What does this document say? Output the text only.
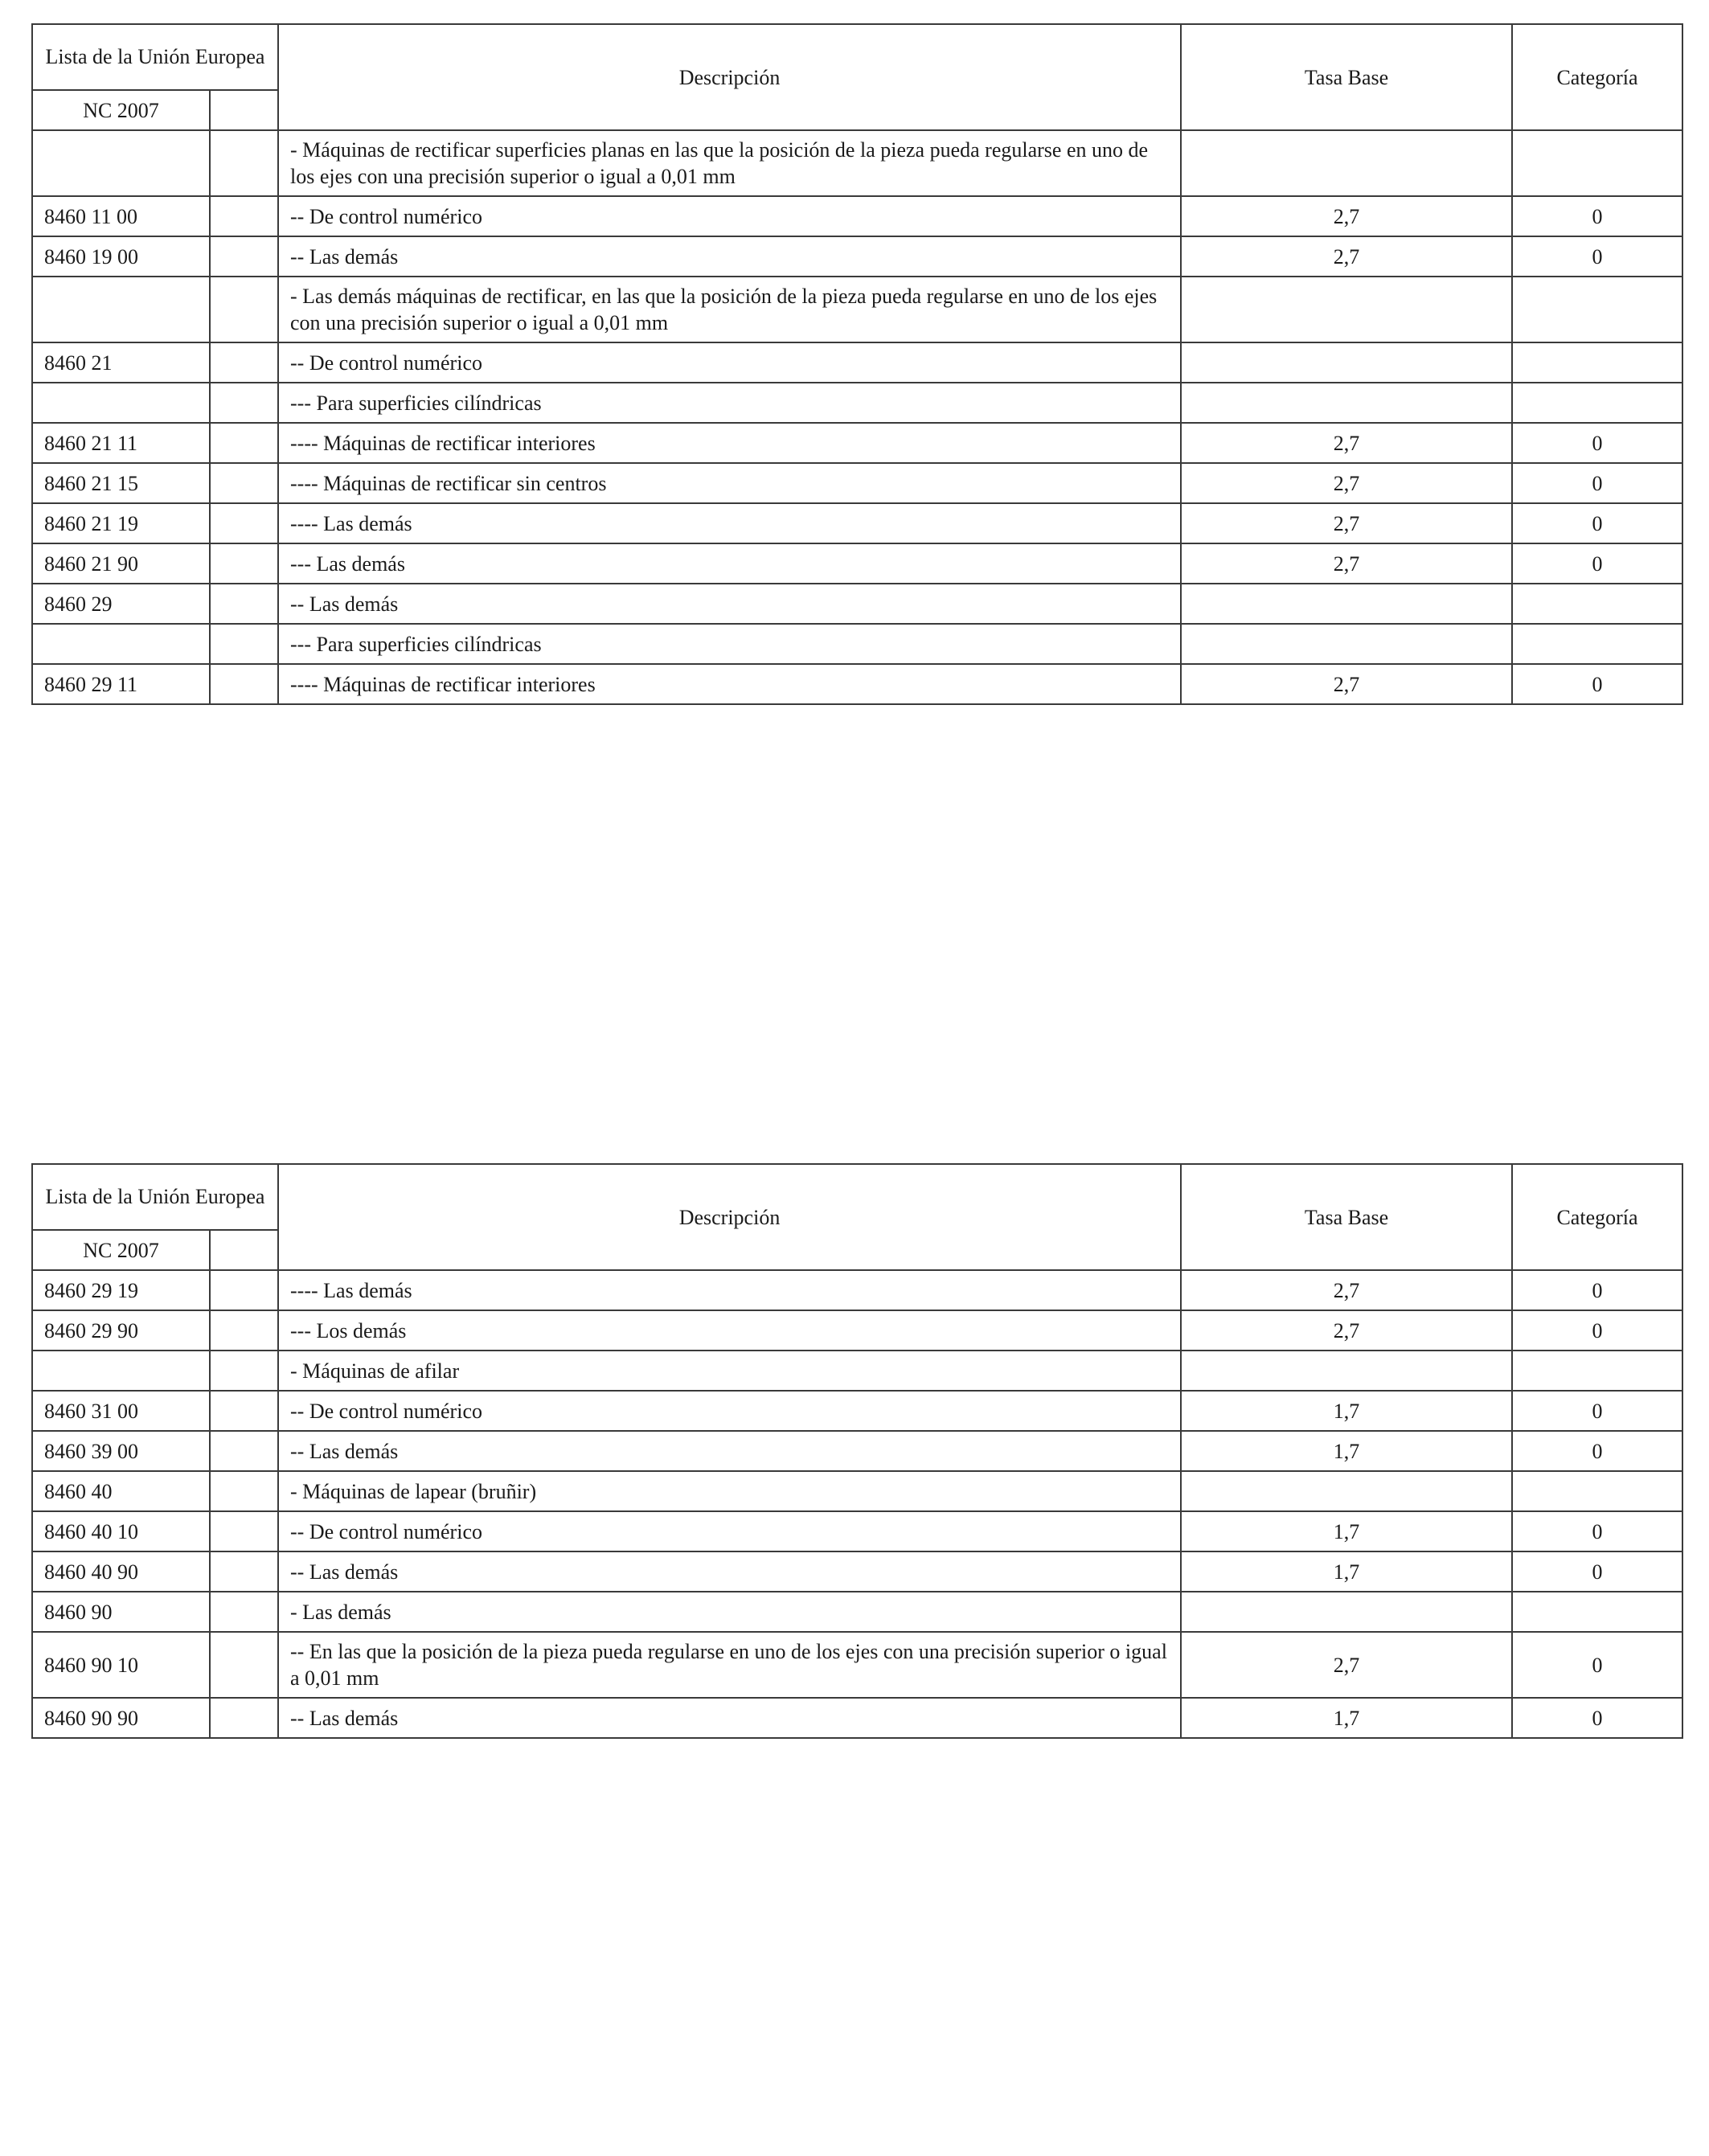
Lista de la Unión Europea		Descripción	Tasa Base	Categoría
NC 2007				
		- Máquinas de rectificar superficies planas en las que la posición de la pieza pueda regularse en uno de los ejes con una precisión superior o igual a 0,01 mm		
8460 11 00		-- De control numérico	2,7	0
8460 19 00		-- Las demás	2,7	0
		- Las demás máquinas de rectificar, en las que la posición de la pieza pueda regularse en uno de los ejes con una precisión superior o igual a 0,01 mm		
8460 21		-- De control numérico		
		--- Para superficies cilíndricas		
8460 21 11		---- Máquinas de rectificar interiores	2,7	0
8460 21 15		---- Máquinas de rectificar sin centros	2,7	0
8460 21 19		---- Las demás	2,7	0
8460 21 90		--- Las demás	2,7	0
8460 29		-- Las demás		
		--- Para superficies cilíndricas		
8460 29 11		---- Máquinas de rectificar interiores	2,7	0
Lista de la Unión Europea		Descripción	Tasa Base	Categoría
NC 2007				
8460 29 19		---- Las demás	2,7	0
8460 29 90		--- Los demás	2,7	0
		- Máquinas de afilar		
8460 31 00		-- De control numérico	1,7	0
8460 39 00		-- Las demás	1,7	0
8460 40		- Máquinas de lapear (bruñir)		
8460 40 10		-- De control numérico	1,7	0
8460 40 90		-- Las demás	1,7	0
8460 90		- Las demás		
8460 90 10		-- En las que la posición de la pieza pueda regularse en uno de los ejes con una precisión superior o igual a 0,01 mm	2,7	0
8460 90 90		-- Las demás	1,7	0
